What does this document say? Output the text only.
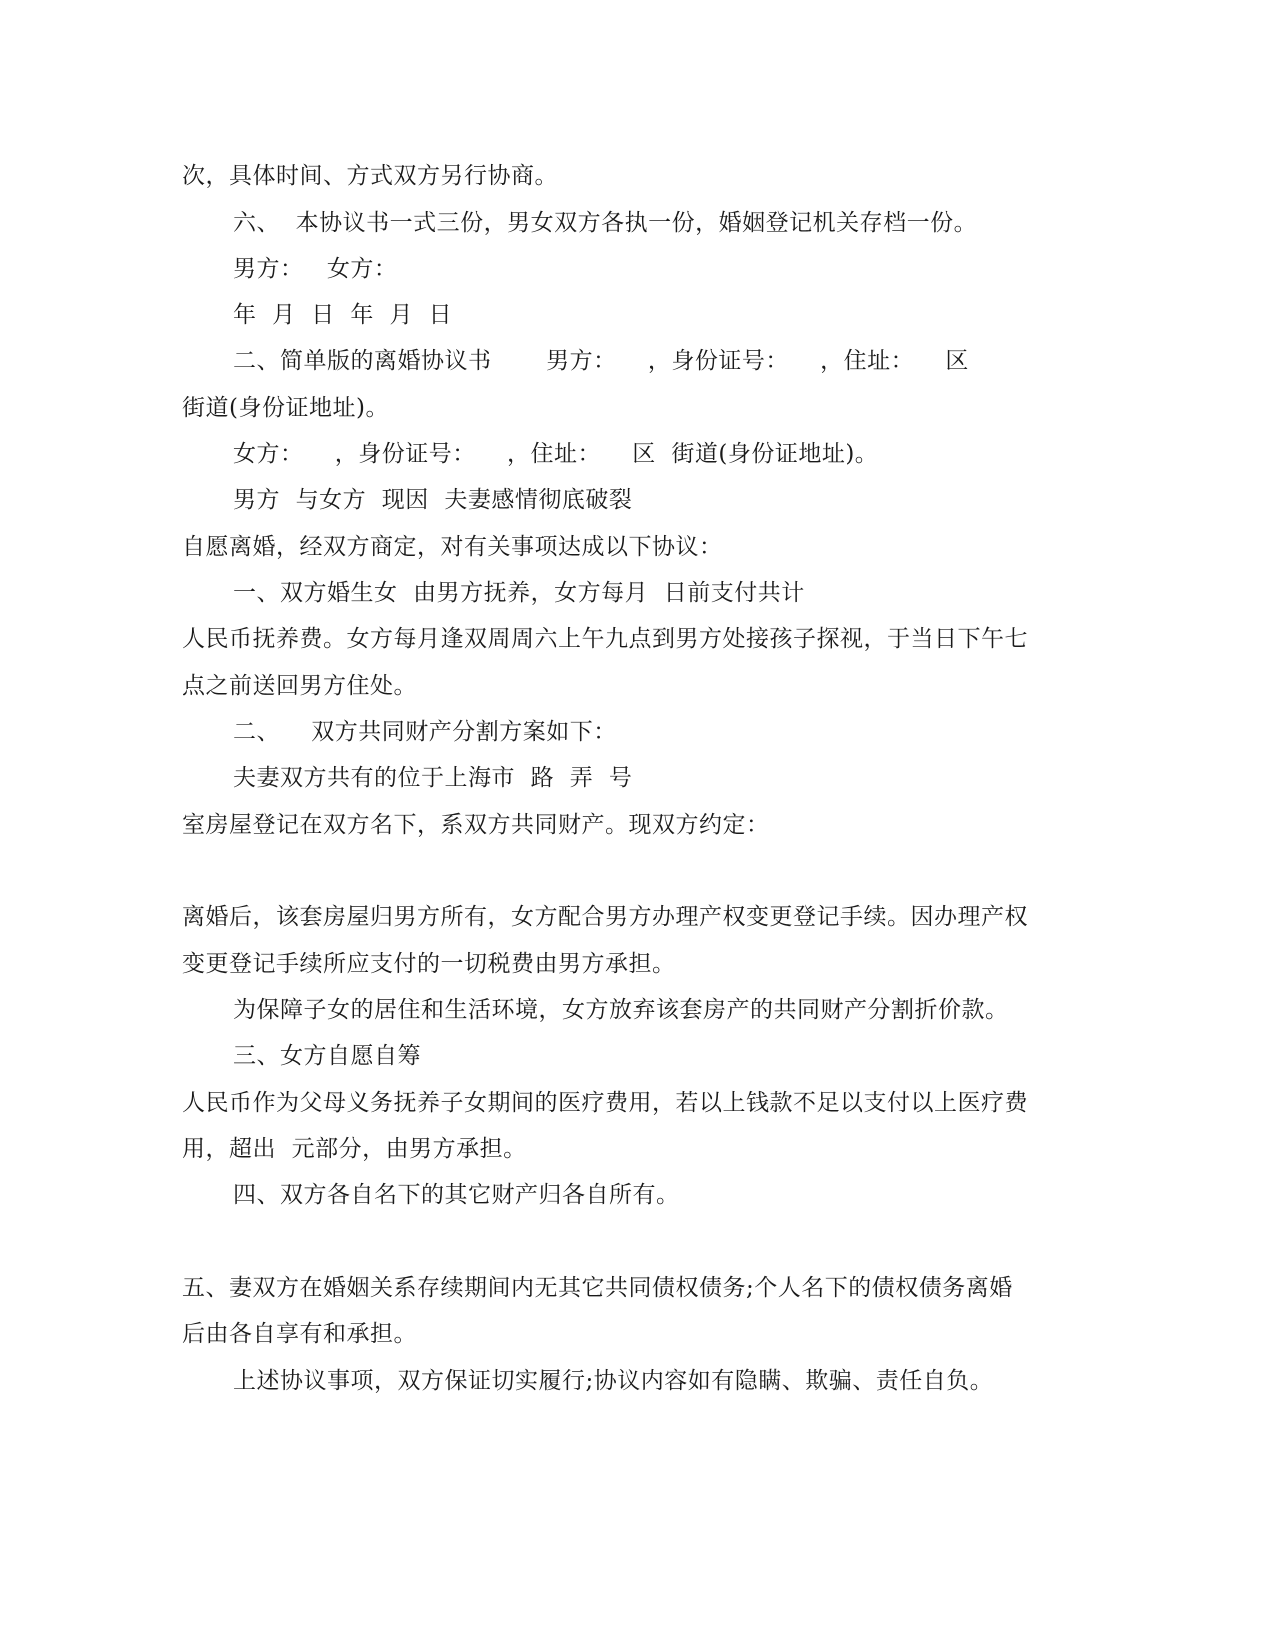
次，具体时间、方式双方另行协商。
六、  本协议书一式三份，男女双方各执一份，婚姻登记机关存档一份。
男方：   女方：
年  月  日  年  月  日
二、简单版的离婚协议书       男方：    ，身份证号：    ，住址：    区
街道(身份证地址)。
女方：    ，身份证号：    ，住址：    区  街道(身份证地址)。
男方  与女方  现因  夫妻感情彻底破裂
自愿离婚，经双方商定，对有关事项达成以下协议：
一、双方婚生女  由男方抚养，女方每月  日前支付共计
人民币抚养费。女方每月逢双周周六上午九点到男方处接孩子探视，于当日下午七
点之前送回男方住处。
二、    双方共同财产分割方案如下：
夫妻双方共有的位于上海市  路  弄  号
室房屋登记在双方名下，系双方共同财产。现双方约定：
离婚后，该套房屋归男方所有，女方配合男方办理产权变更登记手续。因办理产权
变更登记手续所应支付的一切税费由男方承担。
为保障子女的居住和生活环境，女方放弃该套房产的共同财产分割折价款。
三、女方自愿自筹
人民币作为父母义务抚养子女期间的医疗费用，若以上钱款不足以支付以上医疗费
用，超出  元部分，由男方承担。
四、双方各自名下的其它财产归各自所有。
五、妻双方在婚姻关系存续期间内无其它共同债权债务;个人名下的债权债务离婚
后由各自享有和承担。
上述协议事项，双方保证切实履行;协议内容如有隐瞒、欺骗、责任自负。
